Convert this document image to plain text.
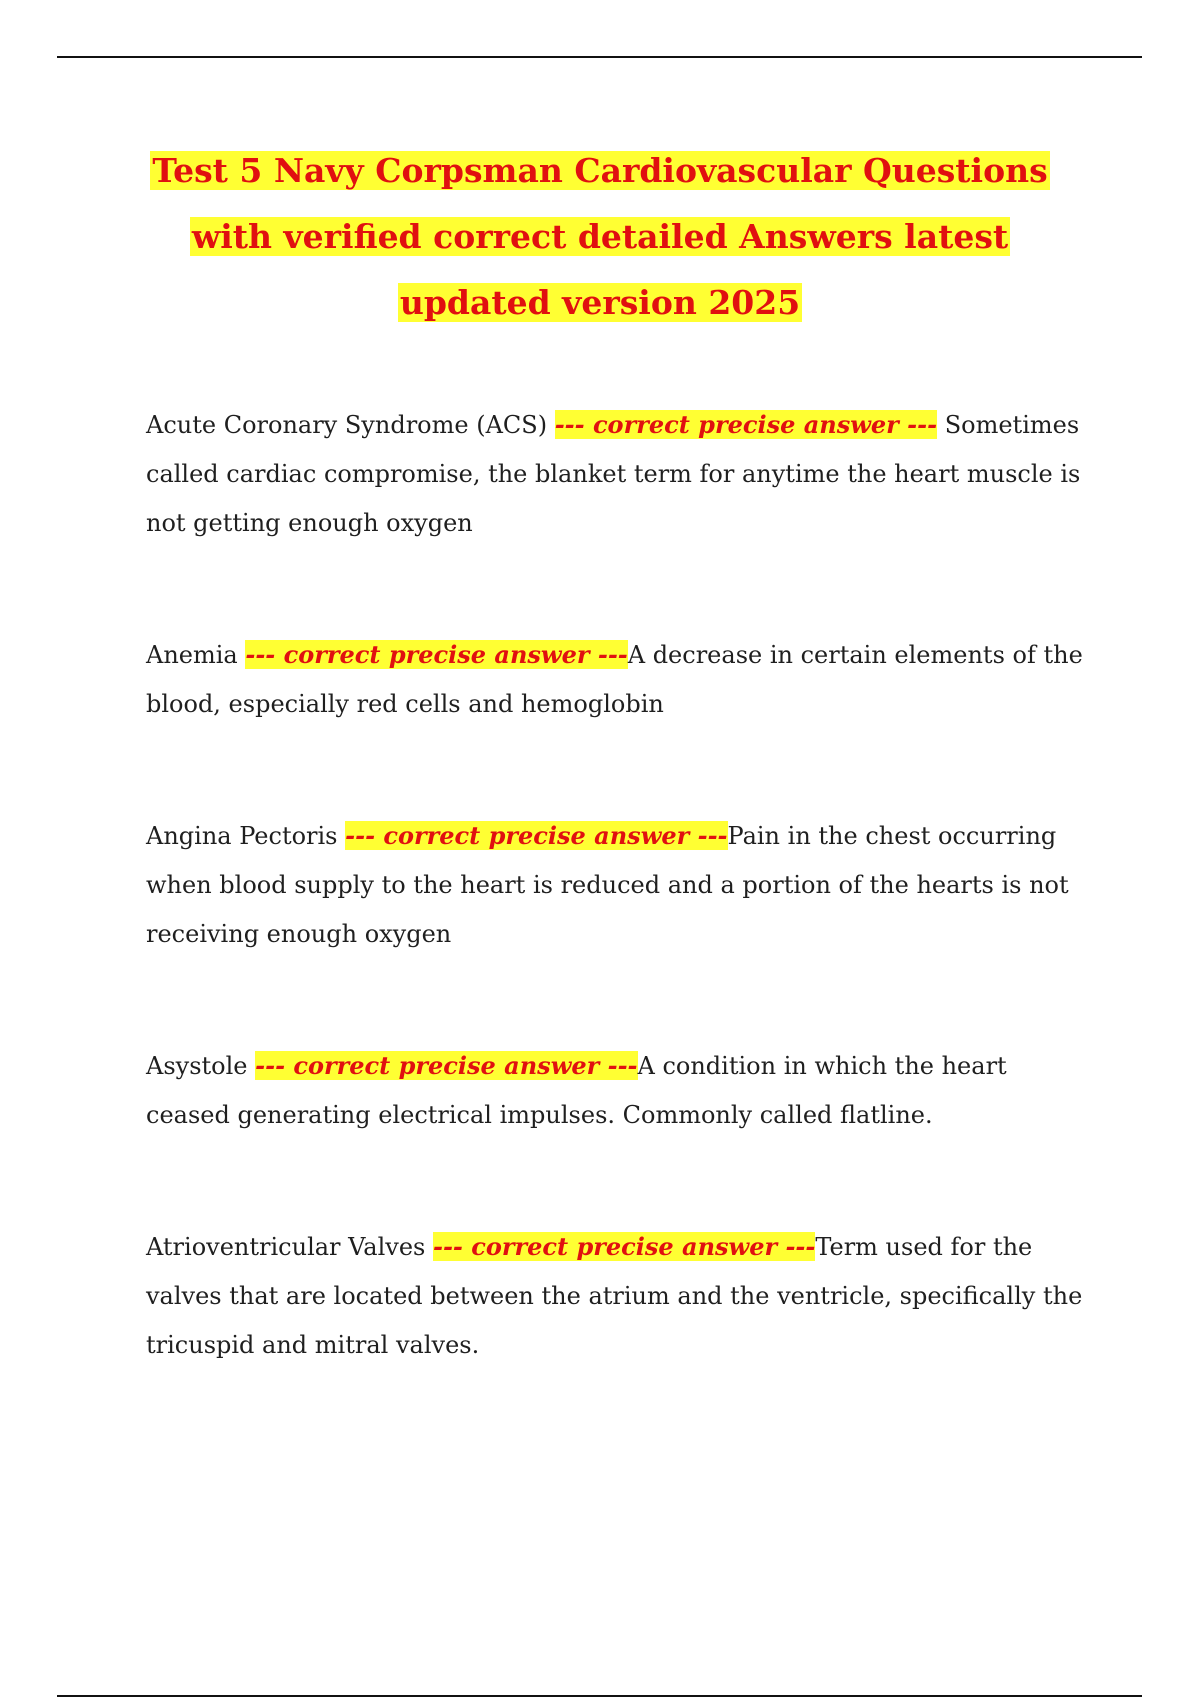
Test 5 Navy Corpsman Cardiovascular Questions
with verified correct detailed Answers latest
updated version 2025

Acute Coronary Syndrome (ACS) --- correct precise answer --- Sometimes called cardiac compromise, the blanket term for anytime the heart muscle is not getting enough oxygen

Anemia --- correct precise answer ---A decrease in certain elements of the blood, especially red cells and hemoglobin

Angina Pectoris --- correct precise answer ---Pain in the chest occurring when blood supply to the heart is reduced and a portion of the hearts is not receiving enough oxygen

Asystole --- correct precise answer ---A condition in which the heart ceased generating electrical impulses. Commonly called flatline.

Atrioventricular Valves --- correct precise answer ---Term used for the valves that are located between the atrium and the ventricle, specifically the tricuspid and mitral valves.
